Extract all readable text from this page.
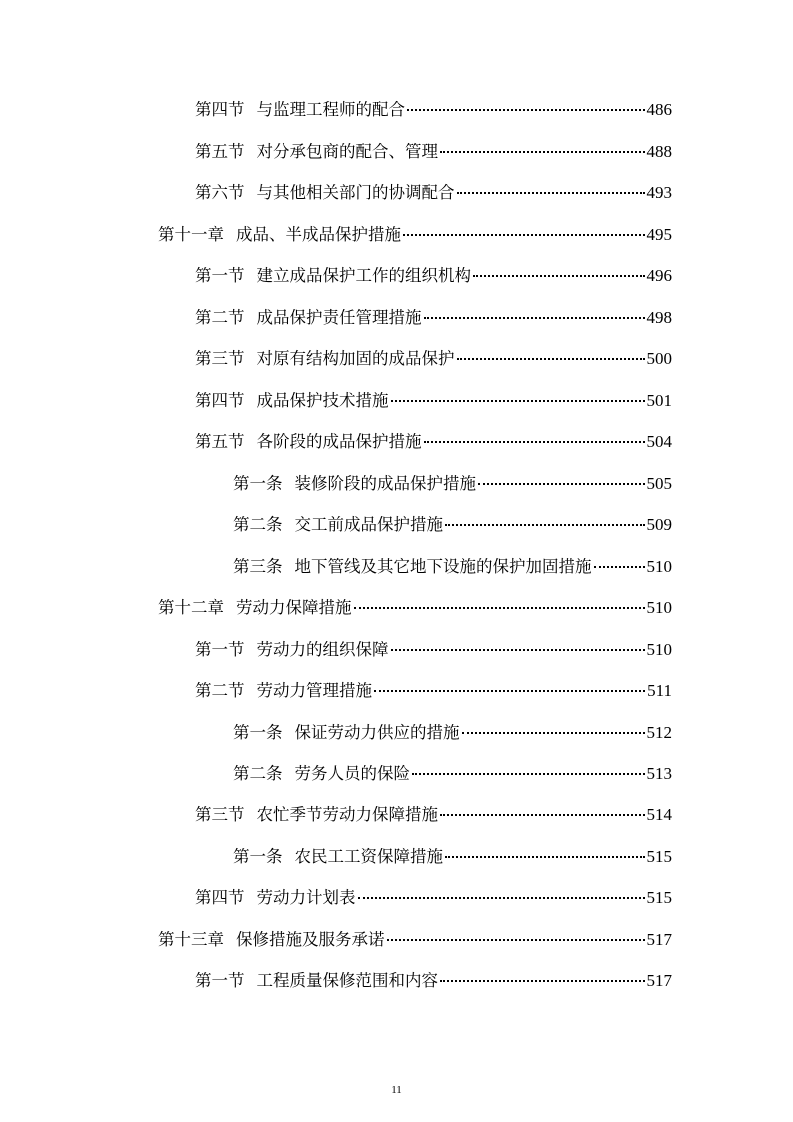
第四节 与监理工程师的配合	486
第五节 对分承包商的配合、管理	488
第六节 与其他相关部门的协调配合	493
第十一章 成品、半成品保护措施	495
第一节 建立成品保护工作的组织机构	496
第二节 成品保护责任管理措施	498
第三节 对原有结构加固的成品保护	500
第四节 成品保护技术措施	501
第五节 各阶段的成品保护措施	504
第一条 装修阶段的成品保护措施	505
第二条 交工前成品保护措施	509
第三条 地下管线及其它地下设施的保护加固措施	510
第十二章 劳动力保障措施	510
第一节 劳动力的组织保障	510
第二节 劳动力管理措施	511
第一条 保证劳动力供应的措施	512
第二条 劳务人员的保险	513
第三节 农忙季节劳动力保障措施	514
第一条 农民工工资保障措施	515
第四节 劳动力计划表	515
第十三章 保修措施及服务承诺	517
第一节 工程质量保修范围和内容	517
11
